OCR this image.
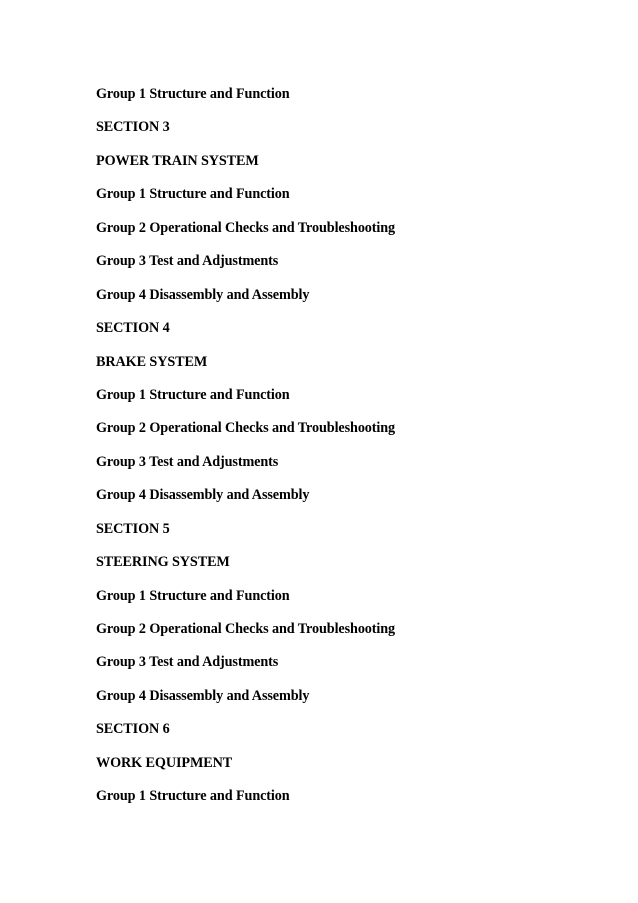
Group 1 Structure and Function
SECTION 3
POWER TRAIN SYSTEM
Group 1 Structure and Function
Group 2 Operational Checks and Troubleshooting
Group 3 Test and Adjustments
Group 4 Disassembly and Assembly
SECTION 4
BRAKE SYSTEM
Group 1 Structure and Function
Group 2 Operational Checks and Troubleshooting
Group 3 Test and Adjustments
Group 4 Disassembly and Assembly
SECTION 5
STEERING SYSTEM
Group 1 Structure and Function
Group 2 Operational Checks and Troubleshooting
Group 3 Test and Adjustments
Group 4 Disassembly and Assembly
SECTION 6
WORK EQUIPMENT
Group 1 Structure and Function
